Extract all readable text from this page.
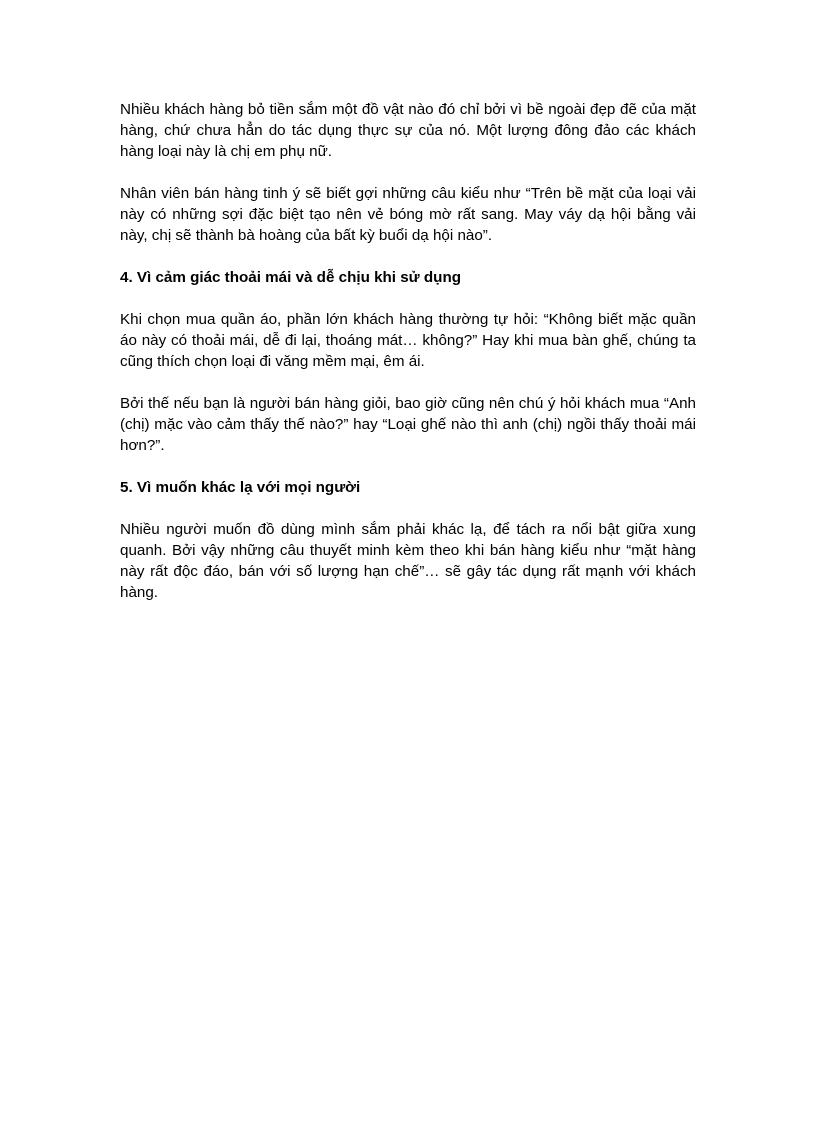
Nhiều khách hàng bỏ tiền sắm một đồ vật nào đó chỉ bởi vì bề ngoài đẹp đẽ của mặt hàng, chứ chưa hẳn do tác dụng thực sự của nó. Một lượng đông đảo các khách hàng loại này là chị em phụ nữ.

Nhân viên bán hàng tinh ý sẽ biết gợi những câu kiểu như “Trên bề mặt của loại vải này có những sợi đặc biệt tạo nên vẻ bóng mờ rất sang. May váy dạ hội bằng vải này, chị sẽ thành bà hoàng của bất kỳ buổi dạ hội nào”.

4. Vì cảm giác thoải mái và dễ chịu khi sử dụng

Khi chọn mua quần áo, phần lớn khách hàng thường tự hỏi: “Không biết mặc quần áo này có thoải mái, dễ đi lại, thoáng mát… không?” Hay khi mua bàn ghế, chúng ta cũng thích chọn loại đi văng mềm mại, êm ái.

Bởi thế nếu bạn là người bán hàng giỏi, bao giờ cũng nên chú ý hỏi khách mua “Anh (chị) mặc vào cảm thấy thế nào?” hay “Loại ghế nào thì anh (chị) ngồi thấy thoải mái hơn?”.

5. Vì muốn khác lạ với mọi người

Nhiều người muốn đồ dùng mình sắm phải khác lạ, để tách ra nổi bật giữa xung quanh. Bởi vậy những câu thuyết minh kèm theo khi bán hàng kiểu như “mặt hàng này rất độc đáo, bán với số lượng hạn chế”… sẽ gây tác dụng rất mạnh với khách hàng.
